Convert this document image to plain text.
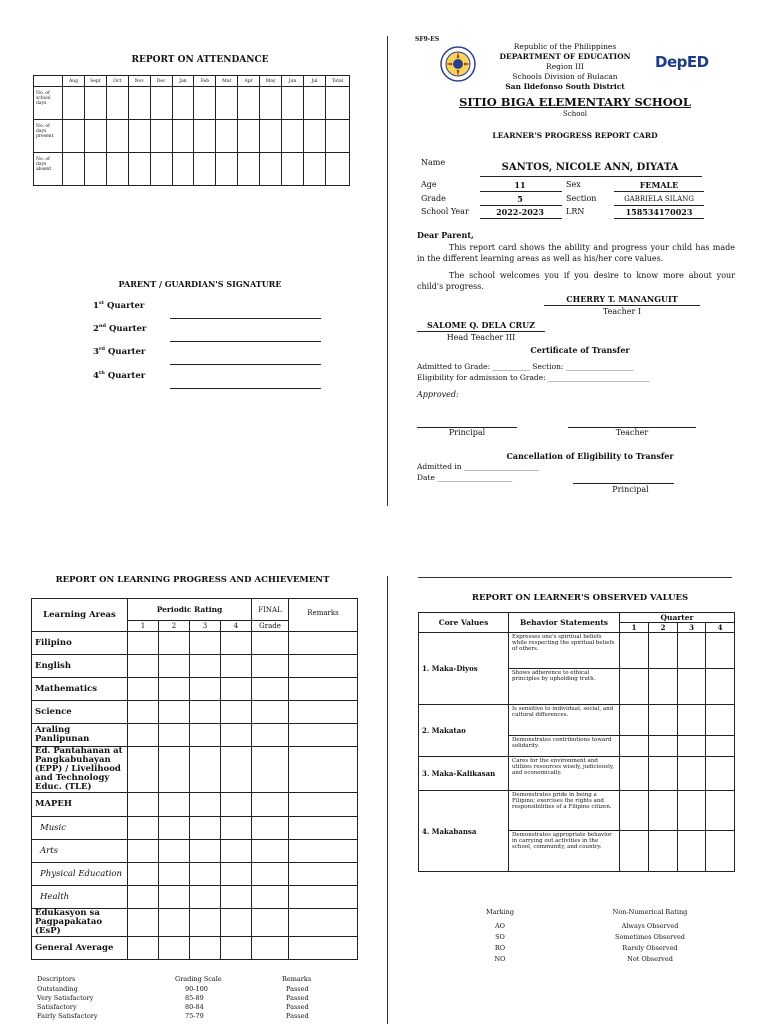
REPORT ON ATTENDANCE
	Aug	Sept	Oct	Nov	Dec	Jan	Feb	Mar	Apr	May	Jun	Jul	Total
No. of school days													
No. of days present													
No. of days absent													
PARENT / GUARDIAN'S SIGNATURE
1st Quarter
2nd Quarter
3rd Quarter
4th Quarter
SF9-ES
Republic of the Philippines
DEPARTMENT OF EDUCATION
Region III
Schools Division of Bulacan
San Ildefonso South District
DepED
SITIO BIGA ELEMENTARY SCHOOL
School
LEARNER'S PROGRESS REPORT CARD
Name	SANTOS, NICOLE ANN, DIYATA
Age	11	Sex	FEMALE
Grade	5	Section	GABRIELA SILANG
School Year	2022-2023	LRN	158534170023
Dear Parent,
This report card shows the ability and progress your child has made in the different learning areas as well as his/her core values.
The school welcomes you if you desire to know more about your child's progress.
CHERRY T. MANANGUIT
Teacher I
SALOME Q. DELA CRUZ
Head Teacher III
Certificate of Transfer
Admitted to Grade: __________ Section: __________________
Eligibility for admission to Grade: ___________________________
Approved:
Principal	Teacher
Cancellation of Eligibility to Transfer
Admitted in ____________________
Date ____________________
Principal
REPORT ON LEARNING PROGRESS AND ACHIEVEMENT
Learning Areas	Periodic Rating				FINAL	Remarks
	1	2	3	4	Grade	
Filipino						
English						
Mathematics						
Science						
Araling Panlipunan						
Ed. Pantahanan at Pangkabuhayan (EPP) / Livelihood and Technology Educ. (TLE)						
MAPEH						
Music						
Arts						
Physical Education						
Health						
Edukasyon sa Pagpapakatao (EsP)						
General Average						
Descriptors	Grading Scale	Remarks
Outstanding	90-100	Passed
Very Satisfactory	85-89	Passed
Satisfactory	80-84	Passed
Fairly Satisfactory	75-79	Passed
REPORT ON LEARNER'S OBSERVED VALUES
Core Values	Behavior Statements	Quarter			
		1	2	3	4
1. Maka-Diyos	Expresses one's spiritual beliefs while respecting the spiritual beliefs of others.				
	Shows adherence to ethical principles by upholding truth.				
2. Makatao	Is sensitive to individual, social, and cultural differences.				
	Demonstrates contributions toward solidarity.				
3. Maka-Kalikasan	Cares for the environment and utilizes resources wisely, judiciously, and economically.				
4. Makabansa	Demonstrates pride in being a Filipino; exercises the rights and responsibilities of a Filipino citizen.				
	Demonstrates appropriate behavior in carrying out activities in the school, community, and country.				
Marking	Non-Numerical Rating
AO	Always Observed
SO	Sometimes Observed
RO	Rarely Observed
NO	Not Observed
